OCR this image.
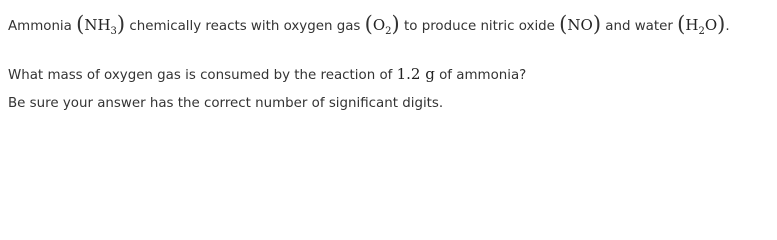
Ammonia $(NH_3)$ chemically reacts with oxygen gas $(O_2)$ to produce nitric oxide (NO) and water $(H_2O)$.
What mass of oxygen gas is consumed by the reaction of 1.2 g of ammonia?
Be sure your answer has the correct number of significant digits.
